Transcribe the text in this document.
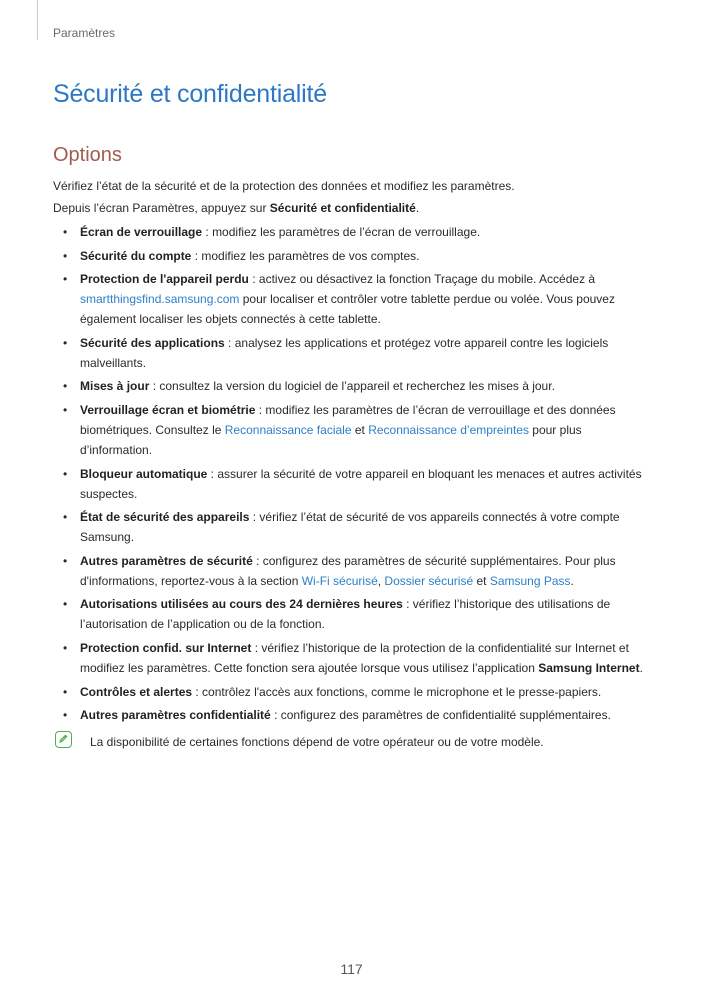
Paramètres
Sécurité et confidentialité
Options

Vérifiez l’état de la sécurité et de la protection des données et modifiez les paramètres.

Depuis l’écran Paramètres, appuyez sur Sécurité et confidentialité.

• Écran de verrouillage : modifiez les paramètres de l’écran de verrouillage.
• Sécurité du compte : modifiez les paramètres de vos comptes.
• Protection de l'appareil perdu : activez ou désactivez la fonction Traçage du mobile. Accédez à smartthingsfind.samsung.com pour localiser et contrôler votre tablette perdue ou volée. Vous pouvez également localiser les objets connectés à cette tablette.
• Sécurité des applications : analysez les applications et protégez votre appareil contre les logiciels malveillants.
• Mises à jour : consultez la version du logiciel de l’appareil et recherchez les mises à jour.
• Verrouillage écran et biométrie : modifiez les paramètres de l’écran de verrouillage et des données biométriques. Consultez le Reconnaissance faciale et Reconnaissance d’empreintes pour plus d’information.
• Bloqueur automatique : assurer la sécurité de votre appareil en bloquant les menaces et autres activités suspectes.
• État de sécurité des appareils : vérifiez l’état de sécurité de vos appareils connectés à votre compte Samsung.
• Autres paramètres de sécurité : configurez des paramètres de sécurité supplémentaires. Pour plus d'informations, reportez-vous à la section Wi-Fi sécurisé, Dossier sécurisé et Samsung Pass.
• Autorisations utilisées au cours des 24 dernières heures : vérifiez l’historique des utilisations de l’autorisation de l’application ou de la fonction.
• Protection confid. sur Internet : vérifiez l’historique de la protection de la confidentialité sur Internet et modifiez les paramètres. Cette fonction sera ajoutée lorsque vous utilisez l’application Samsung Internet.
• Contrôles et alertes : contrôlez l'accès aux fonctions, comme le microphone et le presse-papiers.
• Autres paramètres confidentialité : configurez des paramètres de confidentialité supplémentaires.
La disponibilité de certaines fonctions dépend de votre opérateur ou de votre modèle.
117
